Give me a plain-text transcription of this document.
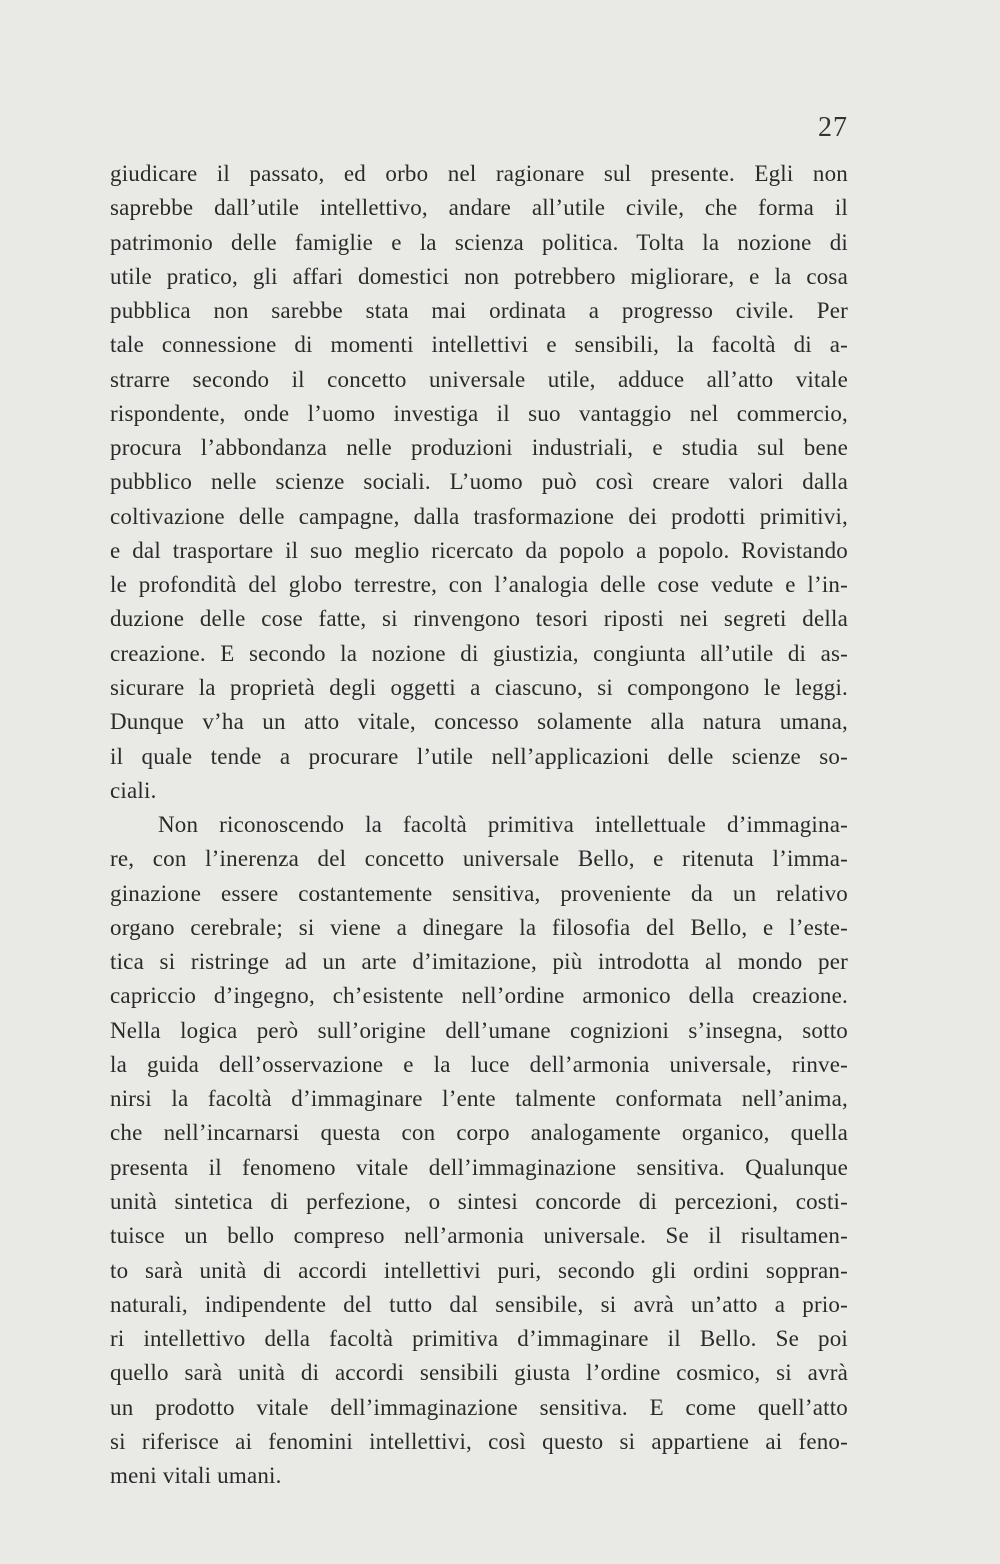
27
giudicare il passato, ed orbo nel ragionare sul presente. Egli non
saprebbe dall’utile intellettivo, andare all’utile civile, che forma il
patrimonio delle famiglie e la scienza politica. Tolta la nozione di
utile pratico, gli affari domestici non potrebbero migliorare, e la cosa
pubblica non sarebbe stata mai ordinata a progresso civile. Per
tale connessione di momenti intellettivi e sensibili, la facoltà di a-
strarre secondo il concetto universale utile, adduce all’atto vitale
rispondente, onde l’uomo investiga il suo vantaggio nel commercio,
procura l’abbondanza nelle produzioni industriali, e studia sul bene
pubblico nelle scienze sociali. L’uomo può così creare valori dalla
coltivazione delle campagne, dalla trasformazione dei prodotti primitivi,
e dal trasportare il suo meglio ricercato da popolo a popolo. Rovistando
le profondità del globo terrestre, con l’analogia delle cose vedute e l’in-
duzione delle cose fatte, si rinvengono tesori riposti nei segreti della
creazione. E secondo la nozione di giustizia, congiunta all’utile di as-
sicurare la proprietà degli oggetti a ciascuno, si compongono le leggi.
Dunque v’ha un atto vitale, concesso solamente alla natura umana,
il quale tende a procurare l’utile nell’applicazioni delle scienze so-
ciali.
Non riconoscendo la facoltà primitiva intellettuale d’immagina-
re, con l’inerenza del concetto universale Bello, e ritenuta l’imma-
ginazione essere costantemente sensitiva, proveniente da un relativo
organo cerebrale; si viene a dinegare la filosofia del Bello, e l’este-
tica si ristringe ad un arte d’imitazione, più introdotta al mondo per
capriccio d’ingegno, ch’esistente nell’ordine armonico della creazione.
Nella logica però sull’origine dell’umane cognizioni s’insegna, sotto
la guida dell’osservazione e la luce dell’armonia universale, rinve-
nirsi la facoltà d’immaginare l’ente talmente conformata nell’anima,
che nell’incarnarsi questa con corpo analogamente organico, quella
presenta il fenomeno vitale dell’immaginazione sensitiva. Qualunque
unità sintetica di perfezione, o sintesi concorde di percezioni, costi-
tuisce un bello compreso nell’armonia universale. Se il risultamen-
to sarà unità di accordi intellettivi puri, secondo gli ordini soppran-
naturali, indipendente del tutto dal sensibile, si avrà un’atto a prio-
ri intellettivo della facoltà primitiva d’immaginare il Bello. Se poi
quello sarà unità di accordi sensibili giusta l’ordine cosmico, si avrà
un prodotto vitale dell’immaginazione sensitiva. E come quell’atto
si riferisce ai fenomini intellettivi, così questo si appartiene ai feno-
meni vitali umani.
